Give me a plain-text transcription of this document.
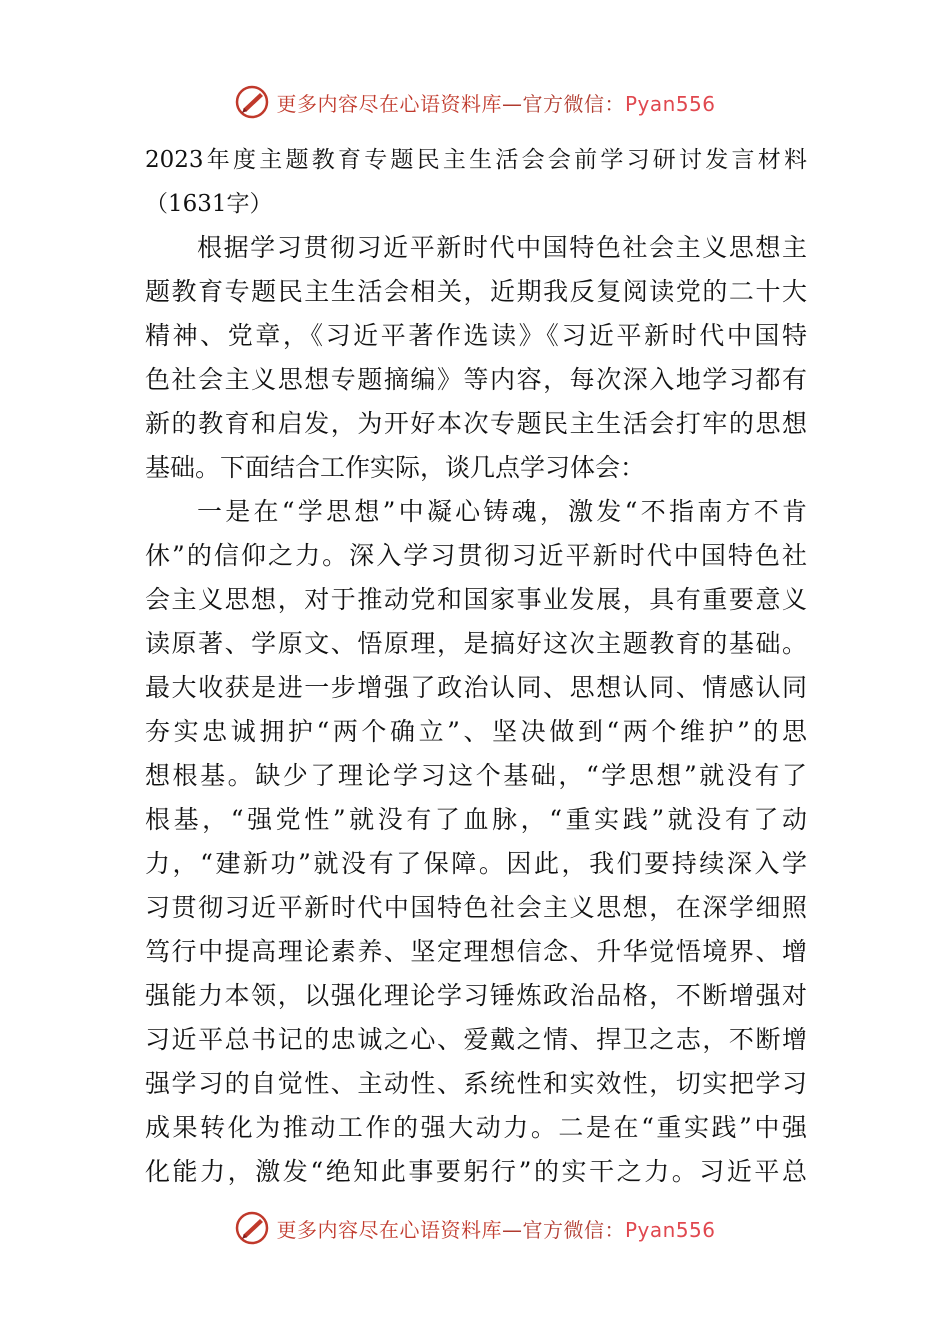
更多内容尽在心语资料库—官方微信：Pyan556
2023年度主题教育专题民主生活会会前学习研讨发言材料
（1631字）
根据学习贯彻习近平新时代中国特色社会主义思想主
题教育专题民主生活会相关，近期我反复阅读党的二十大
精神、党章，《习近平著作选读》《习近平新时代中国特
色社会主义思想专题摘编》等内容，每次深入地学习都有
新的教育和启发，为开好本次专题民主生活会打牢的思想
基础。下面结合工作实际，谈几点学习体会：
一是在“学思想”中凝心铸魂，激发“不指南方不肯
休”的信仰之力。深入学习贯彻习近平新时代中国特色社
会主义思想，对于推动党和国家事业发展，具有重要意义
读原著、学原文、悟原理，是搞好这次主题教育的基础。
最大收获是进一步增强了政治认同、思想认同、情感认同
夯实忠诚拥护“两个确立”、坚决做到“两个维护”的思
想根基。缺少了理论学习这个基础，“学思想”就没有了
根基，“强党性”就没有了血脉，“重实践”就没有了动
力，“建新功”就没有了保障。因此，我们要持续深入学
习贯彻习近平新时代中国特色社会主义思想，在深学细照
笃行中提高理论素养、坚定理想信念、升华觉悟境界、增
强能力本领，以强化理论学习锤炼政治品格，不断增强对
习近平总书记的忠诚之心、爱戴之情、捍卫之志，不断增
强学习的自觉性、主动性、系统性和实效性，切实把学习
成果转化为推动工作的强大动力。二是在“重实践”中强
化能力，激发“绝知此事要躬行”的实干之力。习近平总
更多内容尽在心语资料库—官方微信：Pyan556
